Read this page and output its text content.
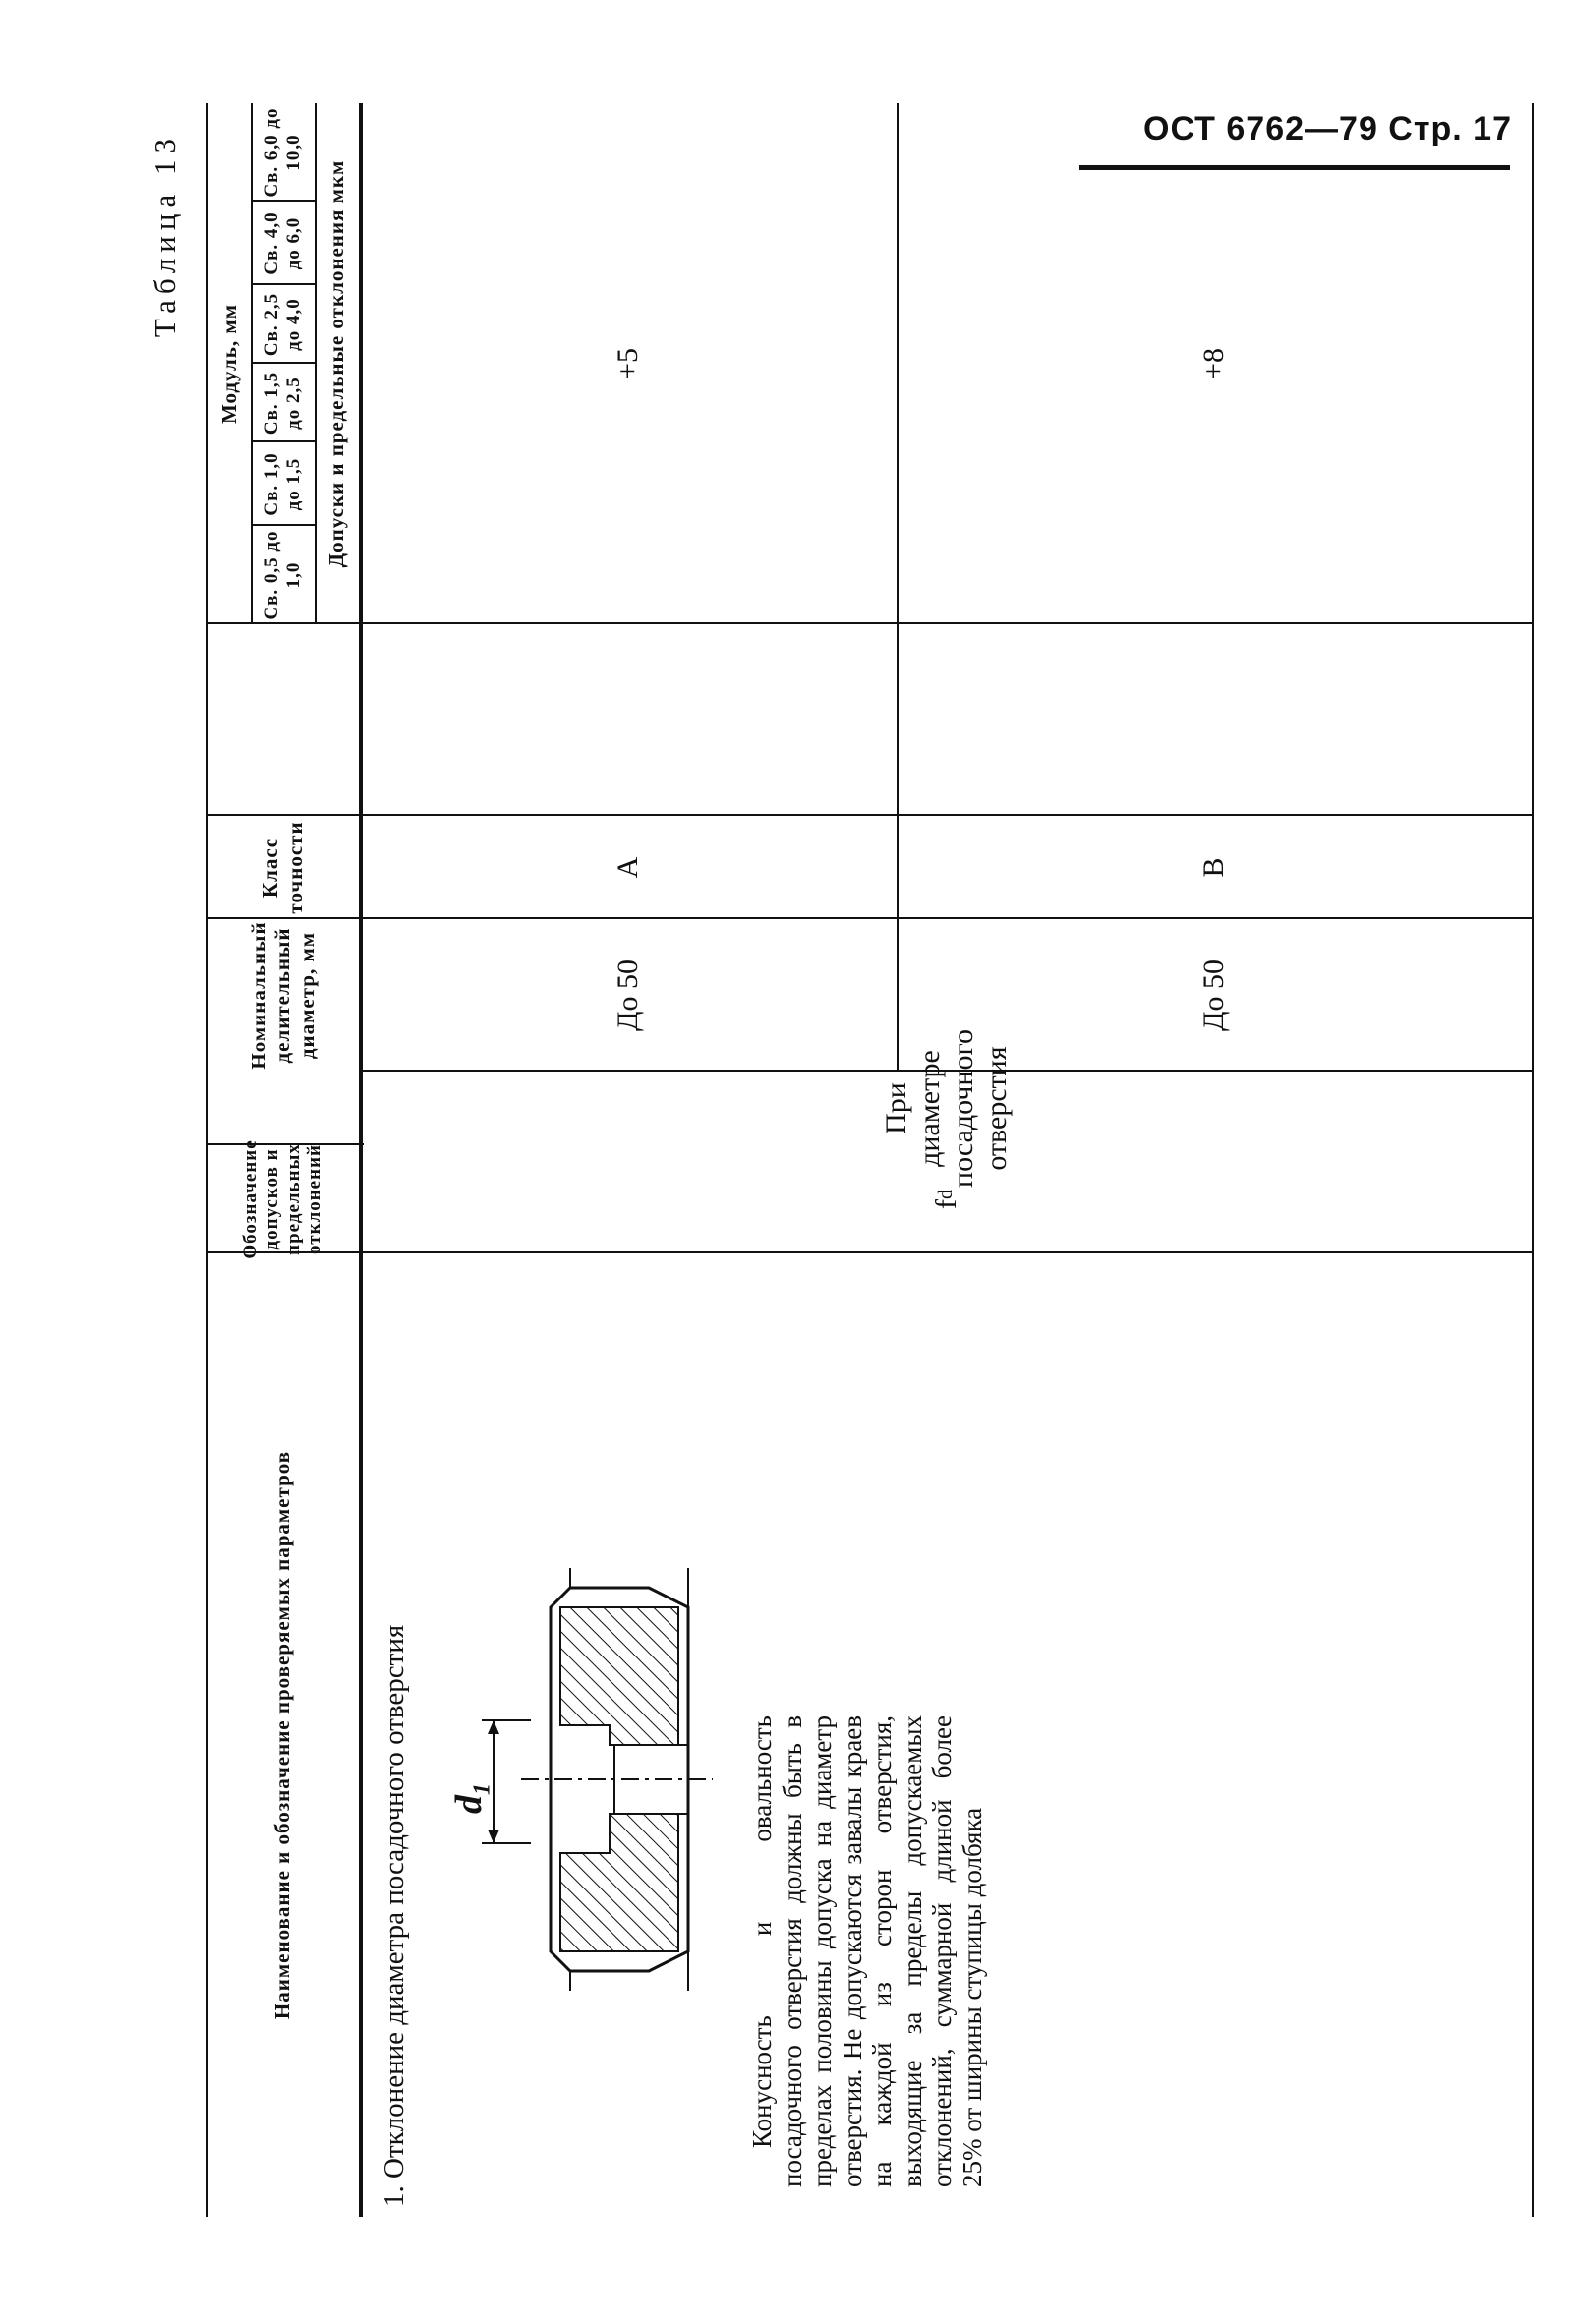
ОСТ 6762—79 Стр. 17
Таблица 13
Наименование и обозначение проверяемых параметров
Обозначение допусков и предельных отклонений
Номинальный делительный диаметр, мм
Класс точности
Модуль, мм
Св. 0,5 до 1,0
Св. 1,0 до 1,5
Св. 1,5 до 2,5
Св. 2,5 до 4,0
Св. 4,0 до 6,0
Св. 6,0 до 10,0
Допуски и предельные отклонения мкм
1. Отклонение диаметра посадочного отверстия $d_1$	Конусность и овальность посадочного отверстия должны быть в пределах половины допуска на диаметр отверстия. Не допускаются завалы краев на каждой из сторон отверстия, выходящие за пределы допускаемых отклонений, суммарной длиной более 25% от ширины ступицы долбяка
f
d
При диаметре посадочного отверстия
До 50
А
+5
До 50
В
+8
